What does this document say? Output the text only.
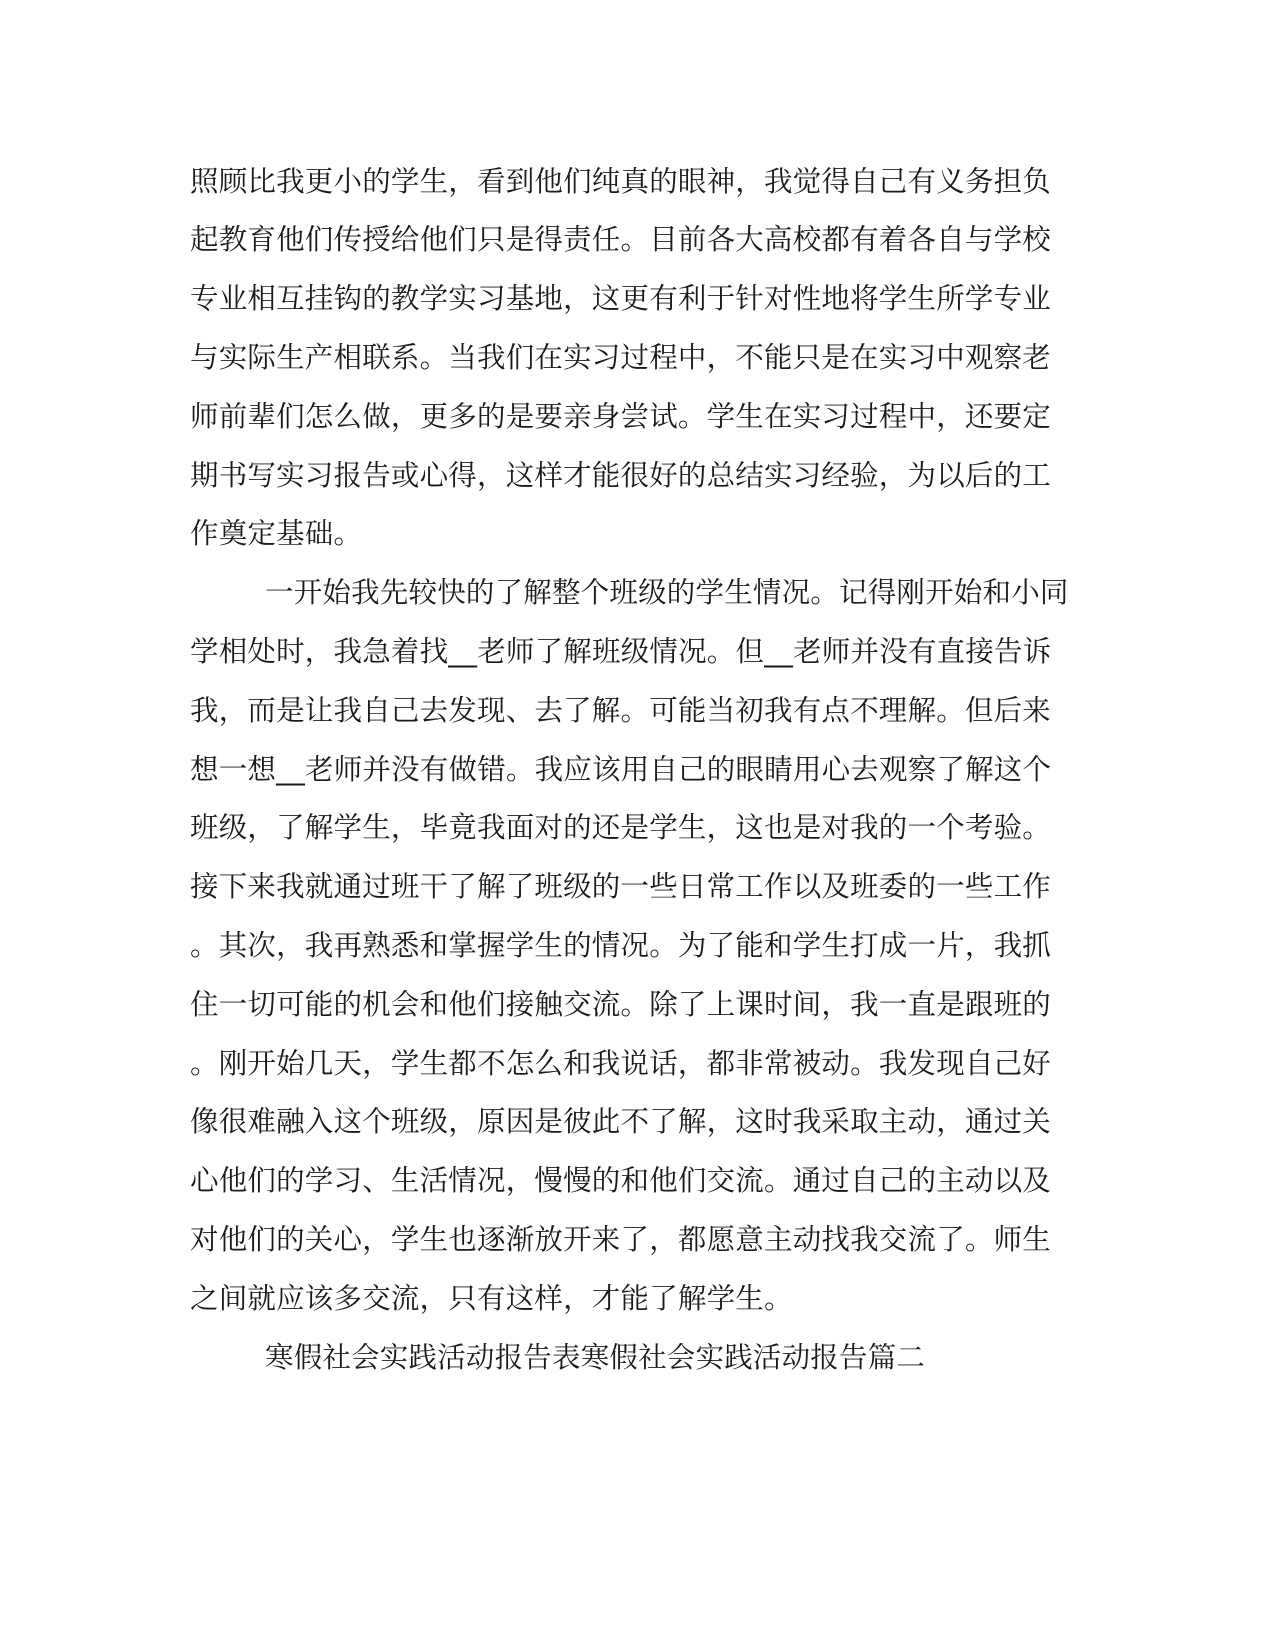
照顾比我更小的学生，看到他们纯真的眼神，我觉得自己有义务担负

起教育他们传授给他们只是得责任。目前各大高校都有着各自与学校

专业相互挂钩的教学实习基地，这更有利于针对性地将学生所学专业

与实际生产相联系。当我们在实习过程中，不能只是在实习中观察老

师前辈们怎么做，更多的是要亲身尝试。学生在实习过程中，还要定

期书写实习报告或心得，这样才能很好的总结实习经验，为以后的工

作奠定基础。

一开始我先较快的了解整个班级的学生情况。记得刚开始和小同

学相处时，我急着找__老师了解班级情况。但__老师并没有直接告诉

我，而是让我自己去发现、去了解。可能当初我有点不理解。但后来

想一想__老师并没有做错。我应该用自己的眼睛用心去观察了解这个

班级，了解学生，毕竟我面对的还是学生，这也是对我的一个考验。

接下来我就通过班干了解了班级的一些日常工作以及班委的一些工作

。其次，我再熟悉和掌握学生的情况。为了能和学生打成一片，我抓

住一切可能的机会和他们接触交流。除了上课时间，我一直是跟班的

。刚开始几天，学生都不怎么和我说话，都非常被动。我发现自己好

像很难融入这个班级，原因是彼此不了解，这时我采取主动，通过关

心他们的学习、生活情况，慢慢的和他们交流。通过自己的主动以及

对他们的关心，学生也逐渐放开来了，都愿意主动找我交流了。师生

之间就应该多交流，只有这样，才能了解学生。

寒假社会实践活动报告表寒假社会实践活动报告篇二
